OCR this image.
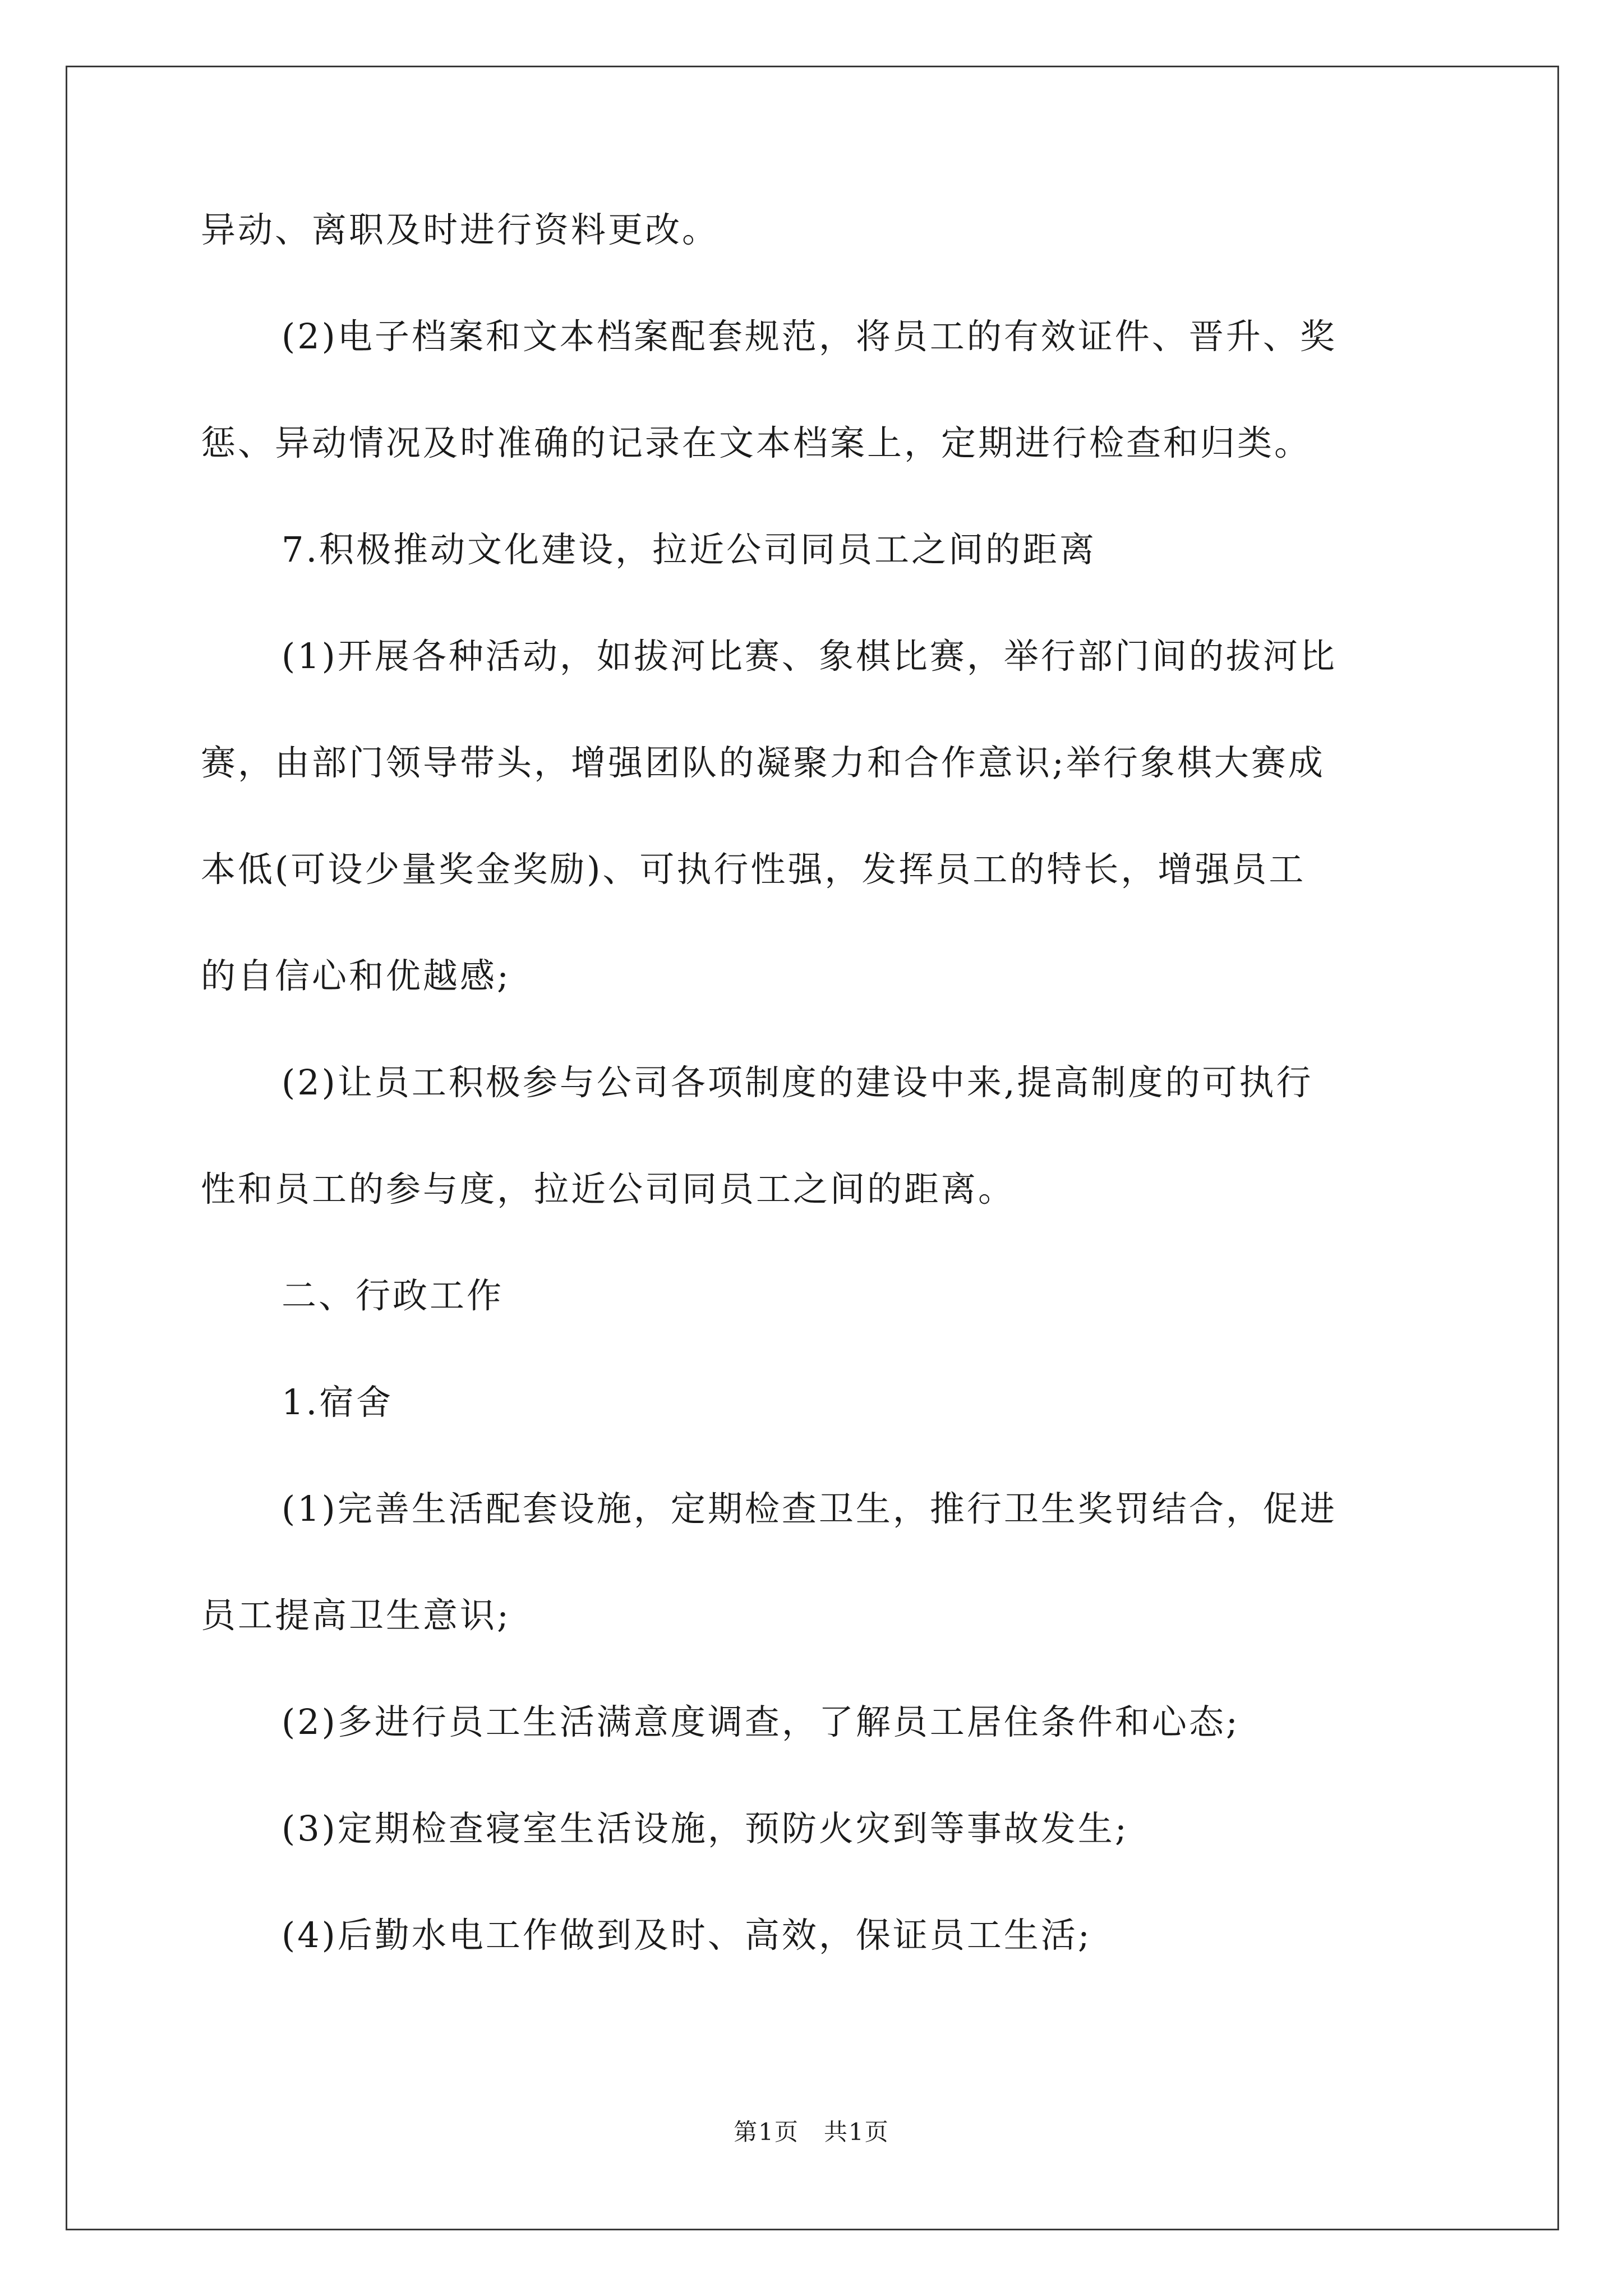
异动、离职及时进行资料更改。
(2)电子档案和文本档案配套规范，将员工的有效证件、晋升、奖
惩、异动情况及时准确的记录在文本档案上，定期进行检查和归类。
7.积极推动文化建设，拉近公司同员工之间的距离
(1)开展各种活动，如拔河比赛、象棋比赛，举行部门间的拔河比
赛，由部门领导带头，增强团队的凝聚力和合作意识;举行象棋大赛成
本低(可设少量奖金奖励)、可执行性强，发挥员工的特长，增强员工
的自信心和优越感;
(2)让员工积极参与公司各项制度的建设中来,提高制度的可执行
性和员工的参与度，拉近公司同员工之间的距离。
二、行政工作
1.宿舍
(1)完善生活配套设施，定期检查卫生，推行卫生奖罚结合，促进
员工提高卫生意识;
(2)多进行员工生活满意度调查，了解员工居住条件和心态;
(3)定期检查寝室生活设施，预防火灾到等事故发生;
(4)后勤水电工作做到及时、高效，保证员工生活;
第1页 共1页
